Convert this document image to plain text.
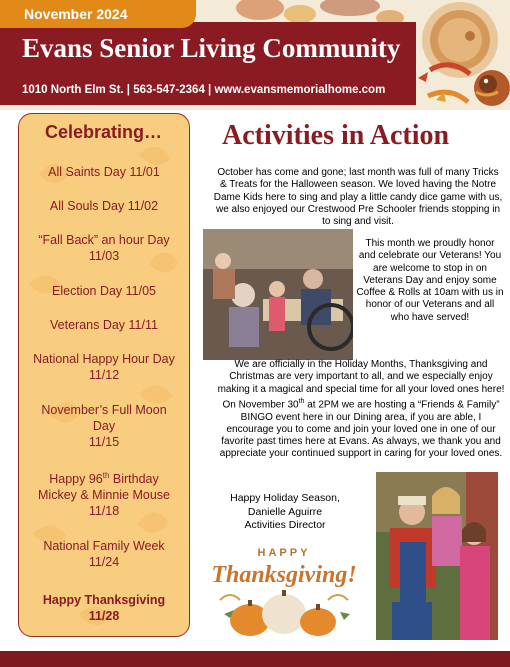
November 2024
Evans Senior Living Community
1010 North Elm St. | 563-547-2364 | www.evansmemorialhome.com
Celebrating…
All Saints Day 11/01
All Souls Day 11/02
“Fall Back” an hour Day
11/03
Election Day 11/05
Veterans Day 11/11
National Happy Hour Day
11/12
November’s Full Moon
Day
11/15
Happy 96th Birthday
Mickey & Minnie Mouse
11/18
National Family Week
11/24
Happy Thanksgiving
11/28
Activities in Action
October has come and gone; last month was full of many Tricks & Treats for the Halloween season. We loved having the Notre Dame Kids here to sing and play a little candy dice game with us, we also enjoyed our Crestwood Pre Schooler friends stopping in to sing and visit.
This month we proudly honor and celebrate our Veterans! You are welcome to stop in on Veterans Day and enjoy some Coffee & Rolls at 10am with us in honor of our Veterans and all who have served!
We are officially in the Holiday Months, Thanksgiving and Christmas are very important to all, and we especially enjoy making it a magical and special time for all your loved ones here! On November 30th at 2PM we are hosting a “Friends & Family” BINGO event here in our Dining area, if you are able, I encourage you to come and join your loved one in one of our favorite past times here at Evans. As always, we thank you and appreciate your continued support in caring for your loved ones.
Happy Holiday Season,
Danielle Aguirre
Activities Director
HAPPY
Thanksgiving!
